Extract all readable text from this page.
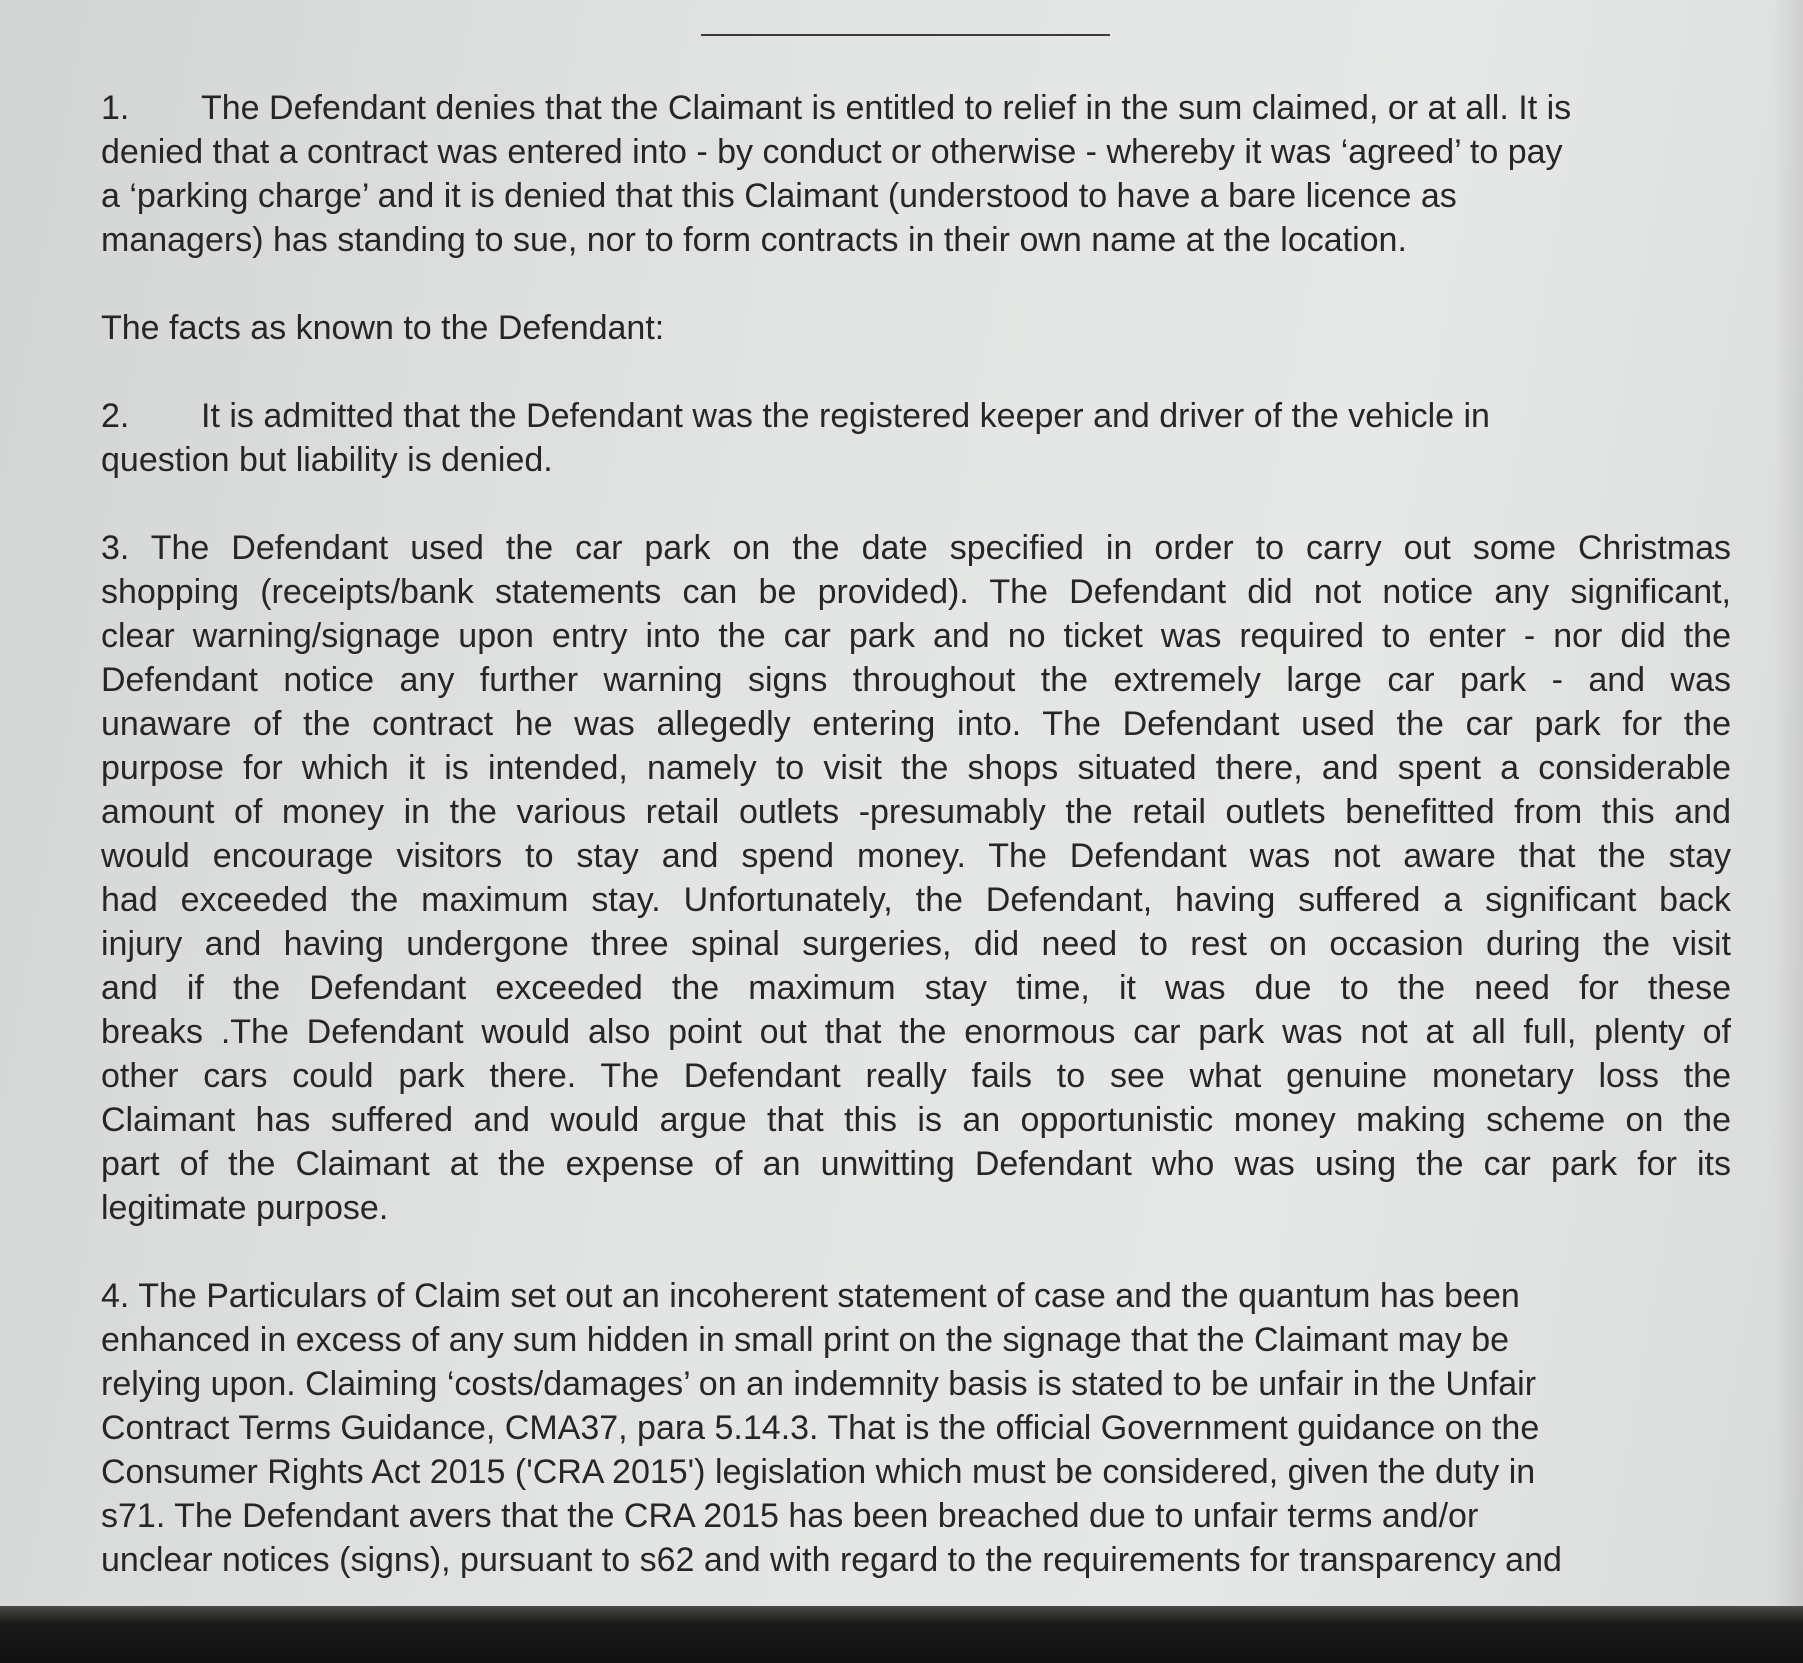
1. The Defendant denies that the Claimant is entitled to relief in the sum claimed, or at all. It is
denied that a contract was entered into - by conduct or otherwise - whereby it was ‘agreed’ to pay
a ‘parking charge’ and it is denied that this Claimant (understood to have a bare licence as
managers) has standing to sue, nor to form contracts in their own name at the location.
The facts as known to the Defendant:
2. It is admitted that the Defendant was the registered keeper and driver of the vehicle in
question but liability is denied.
3. The Defendant used the car park on the date specified in order to carry out some Christmas
shopping (receipts/bank statements can be provided). The Defendant did not notice any significant,
clear warning/signage upon entry into the car park and no ticket was required to enter - nor did the
Defendant notice any further warning signs throughout the extremely large car park - and was
unaware of the contract he was allegedly entering into. The Defendant used the car park for the
purpose for which it is intended, namely to visit the shops situated there, and spent a considerable
amount of money in the various retail outlets -presumably the retail outlets benefitted from this and
would encourage visitors to stay and spend money. The Defendant was not aware that the stay
had exceeded the maximum stay. Unfortunately, the Defendant, having suffered a significant back
injury and having undergone three spinal surgeries, did need to rest on occasion during the visit
and if the Defendant exceeded the maximum stay time, it was due to the need for these
breaks .The Defendant would also point out that the enormous car park was not at all full, plenty of
other cars could park there. The Defendant really fails to see what genuine monetary loss the
Claimant has suffered and would argue that this is an opportunistic money making scheme on the
part of the Claimant at the expense of an unwitting Defendant who was using the car park for its
legitimate purpose.
4. The Particulars of Claim set out an incoherent statement of case and the quantum has been
enhanced in excess of any sum hidden in small print on the signage that the Claimant may be
relying upon. Claiming ‘costs/damages’ on an indemnity basis is stated to be unfair in the Unfair
Contract Terms Guidance, CMA37, para 5.14.3. That is the official Government guidance on the
Consumer Rights Act 2015 ('CRA 2015') legislation which must be considered, given the duty in
s71. The Defendant avers that the CRA 2015 has been breached due to unfair terms and/or
unclear notices (signs), pursuant to s62 and with regard to the requirements for transparency and
